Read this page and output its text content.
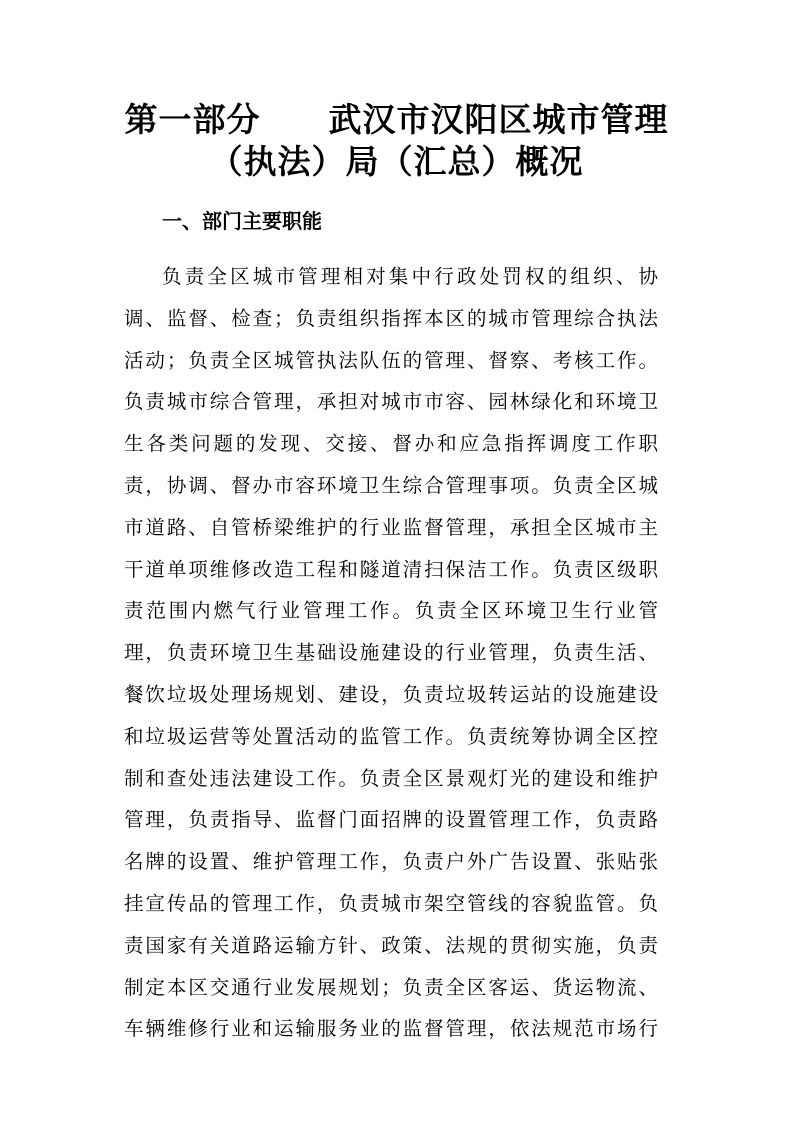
第一部分　　武汉市汉阳区城市管理
（执法）局（汇总）概况
一、部门主要职能
负责全区城市管理相对集中行政处罚权的组织、协
调、监督、检查；负责组织指挥本区的城市管理综合执法
活动；负责全区城管执法队伍的管理、督察、考核工作。
负责城市综合管理，承担对城市市容、园林绿化和环境卫
生各类问题的发现、交接、督办和应急指挥调度工作职
责，协调、督办市容环境卫生综合管理事项。负责全区城
市道路、自管桥梁维护的行业监督管理，承担全区城市主
干道单项维修改造工程和隧道清扫保洁工作。负责区级职
责范围内燃气行业管理工作。负责全区环境卫生行业管
理，负责环境卫生基础设施建设的行业管理，负责生活、
餐饮垃圾处理场规划、建设，负责垃圾转运站的设施建设
和垃圾运营等处置活动的监管工作。负责统筹协调全区控
制和查处违法建设工作。负责全区景观灯光的建设和维护
管理，负责指导、监督门面招牌的设置管理工作，负责路
名牌的设置、维护管理工作，负责户外广告设置、张贴张
挂宣传品的管理工作，负责城市架空管线的容貌监管。负
责国家有关道路运输方针、政策、法规的贯彻实施，负责
制定本区交通行业发展规划；负责全区客运、货运物流、
车辆维修行业和运输服务业的监督管理，依法规范市场行
